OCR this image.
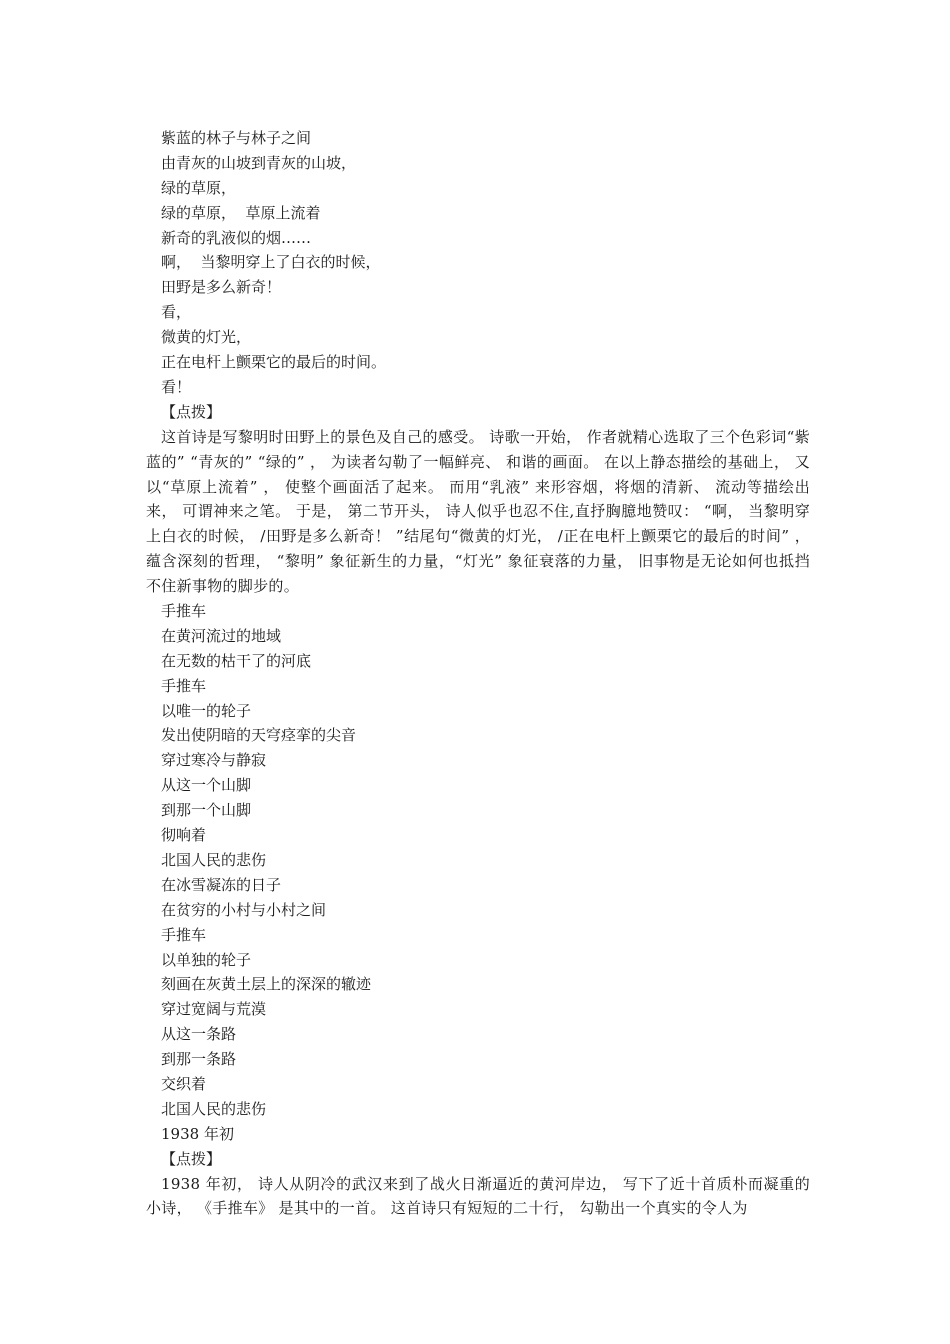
紫蓝的林子与林子之间
由青灰的山坡到青灰的山坡，
绿的草原，
绿的草原，  草原上流着
新奇的乳液似的烟……
啊，  当黎明穿上了白衣的时候，
田野是多么新奇！
看，
微黄的灯光，
正在电杆上颤栗它的最后的时间。
看！
【点拨】
这首诗是写黎明时田野上的景色及自己的感受。 诗歌一开始， 作者就精心选取了三个色彩词“紫蓝的” “青灰的” “绿的” ， 为读者勾勒了一幅鲜亮、 和谐的画面。 在以上静态描绘的基础上， 又以“草原上流着” ， 使整个画面活了起来。 而用“乳液” 来形容烟，将烟的清新、 流动等描绘出来， 可谓神来之笔。 于是， 第二节开头， 诗人似乎也忍不住,直抒胸臆地赞叹： “啊， 当黎明穿上白衣的时候， /田野是多么新奇！ ”结尾句“微黄的灯光， /正在电杆上颤栗它的最后的时间” ， 蕴含深刻的哲理， “黎明” 象征新生的力量，“灯光” 象征衰落的力量， 旧事物是无论如何也抵挡不住新事物的脚步的。
手推车
在黄河流过的地域
在无数的枯干了的河底
手推车
以唯一的轮子
发出使阴暗的天穹痉挛的尖音
穿过寒冷与静寂
从这一个山脚
到那一个山脚
彻响着
北国人民的悲伤
在冰雪凝冻的日子
在贫穷的小村与小村之间
手推车
以单独的轮子
刻画在灰黄土层上的深深的辙迹
穿过宽阔与荒漠
从这一条路
到那一条路
交织着
北国人民的悲伤
1938 年初
【点拨】
1938 年初， 诗人从阴冷的武汉来到了战火日渐逼近的黄河岸边， 写下了近十首质朴而凝重的小诗， 《手推车》 是其中的一首。 这首诗只有短短的二十行， 勾勒出一个真实的令人为
